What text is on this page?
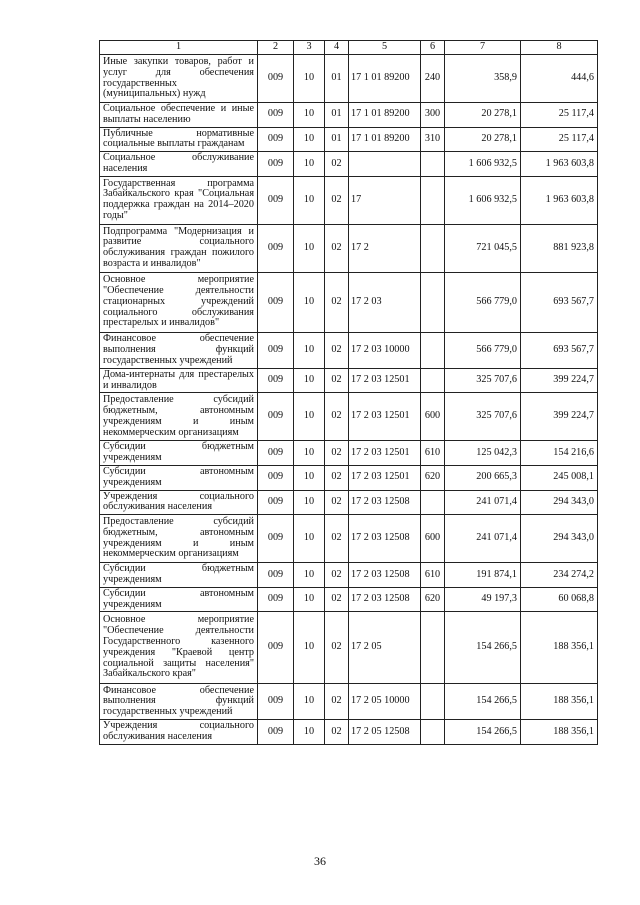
1	2	3	4	5	6	7	8
Иные закупки товаров, работ и услуг для обеспечения государственных (муниципальных) нужд	009	10	01	17 1 01 89200	240	358,9	444,6
Социальное обеспечение и иные выплаты населению	009	10	01	17 1 01 89200	300	20 278,1	25 117,4
Публичные нормативные социальные выплаты гражданам	009	10	01	17 1 01 89200	310	20 278,1	25 117,4
Социальное обслуживание населения	009	10	02			1 606 932,5	1 963 603,8
Государственная программа Забайкальского края "Социальная поддержка граждан на 2014–2020 годы"	009	10	02	17		1 606 932,5	1 963 603,8
Подпрограмма "Модернизация и развитие социального обслуживания граждан пожилого возраста и инвалидов"	009	10	02	17 2		721 045,5	881 923,8
Основное мероприятие "Обеспечение деятельности стационарных учреждений социального обслуживания престарелых и инвалидов"	009	10	02	17 2 03		566 779,0	693 567,7
Финансовое обеспечение выполнения функций государственных учреждений	009	10	02	17 2 03 10000		566 779,0	693 567,7
Дома-интернаты для престарелых и инвалидов	009	10	02	17 2 03 12501		325 707,6	399 224,7
Предоставление субсидий бюджетным, автономным учреждениям и иным некоммерческим организациям	009	10	02	17 2 03 12501	600	325 707,6	399 224,7
Субсидии бюджетным учреждениям	009	10	02	17 2 03 12501	610	125 042,3	154 216,6
Субсидии автономным учреждениям	009	10	02	17 2 03 12501	620	200 665,3	245 008,1
Учреждения социального обслуживания населения	009	10	02	17 2 03 12508		241 071,4	294 343,0
Предоставление субсидий бюджетным, автономным учреждениям и иным некоммерческим организациям	009	10	02	17 2 03 12508	600	241 071,4	294 343,0
Субсидии бюджетным учреждениям	009	10	02	17 2 03 12508	610	191 874,1	234 274,2
Субсидии автономным учреждениям	009	10	02	17 2 03 12508	620	49 197,3	60 068,8
Основное мероприятие "Обеспечение деятельности Государственного казенного учреждения "Краевой центр социальной защиты населения" Забайкальского края"	009	10	02	17 2 05		154 266,5	188 356,1
Финансовое обеспечение выполнения функций государственных учреждений	009	10	02	17 2 05 10000		154 266,5	188 356,1
Учреждения социального обслуживания населения	009	10	02	17 2 05 12508		154 266,5	188 356,1
36
